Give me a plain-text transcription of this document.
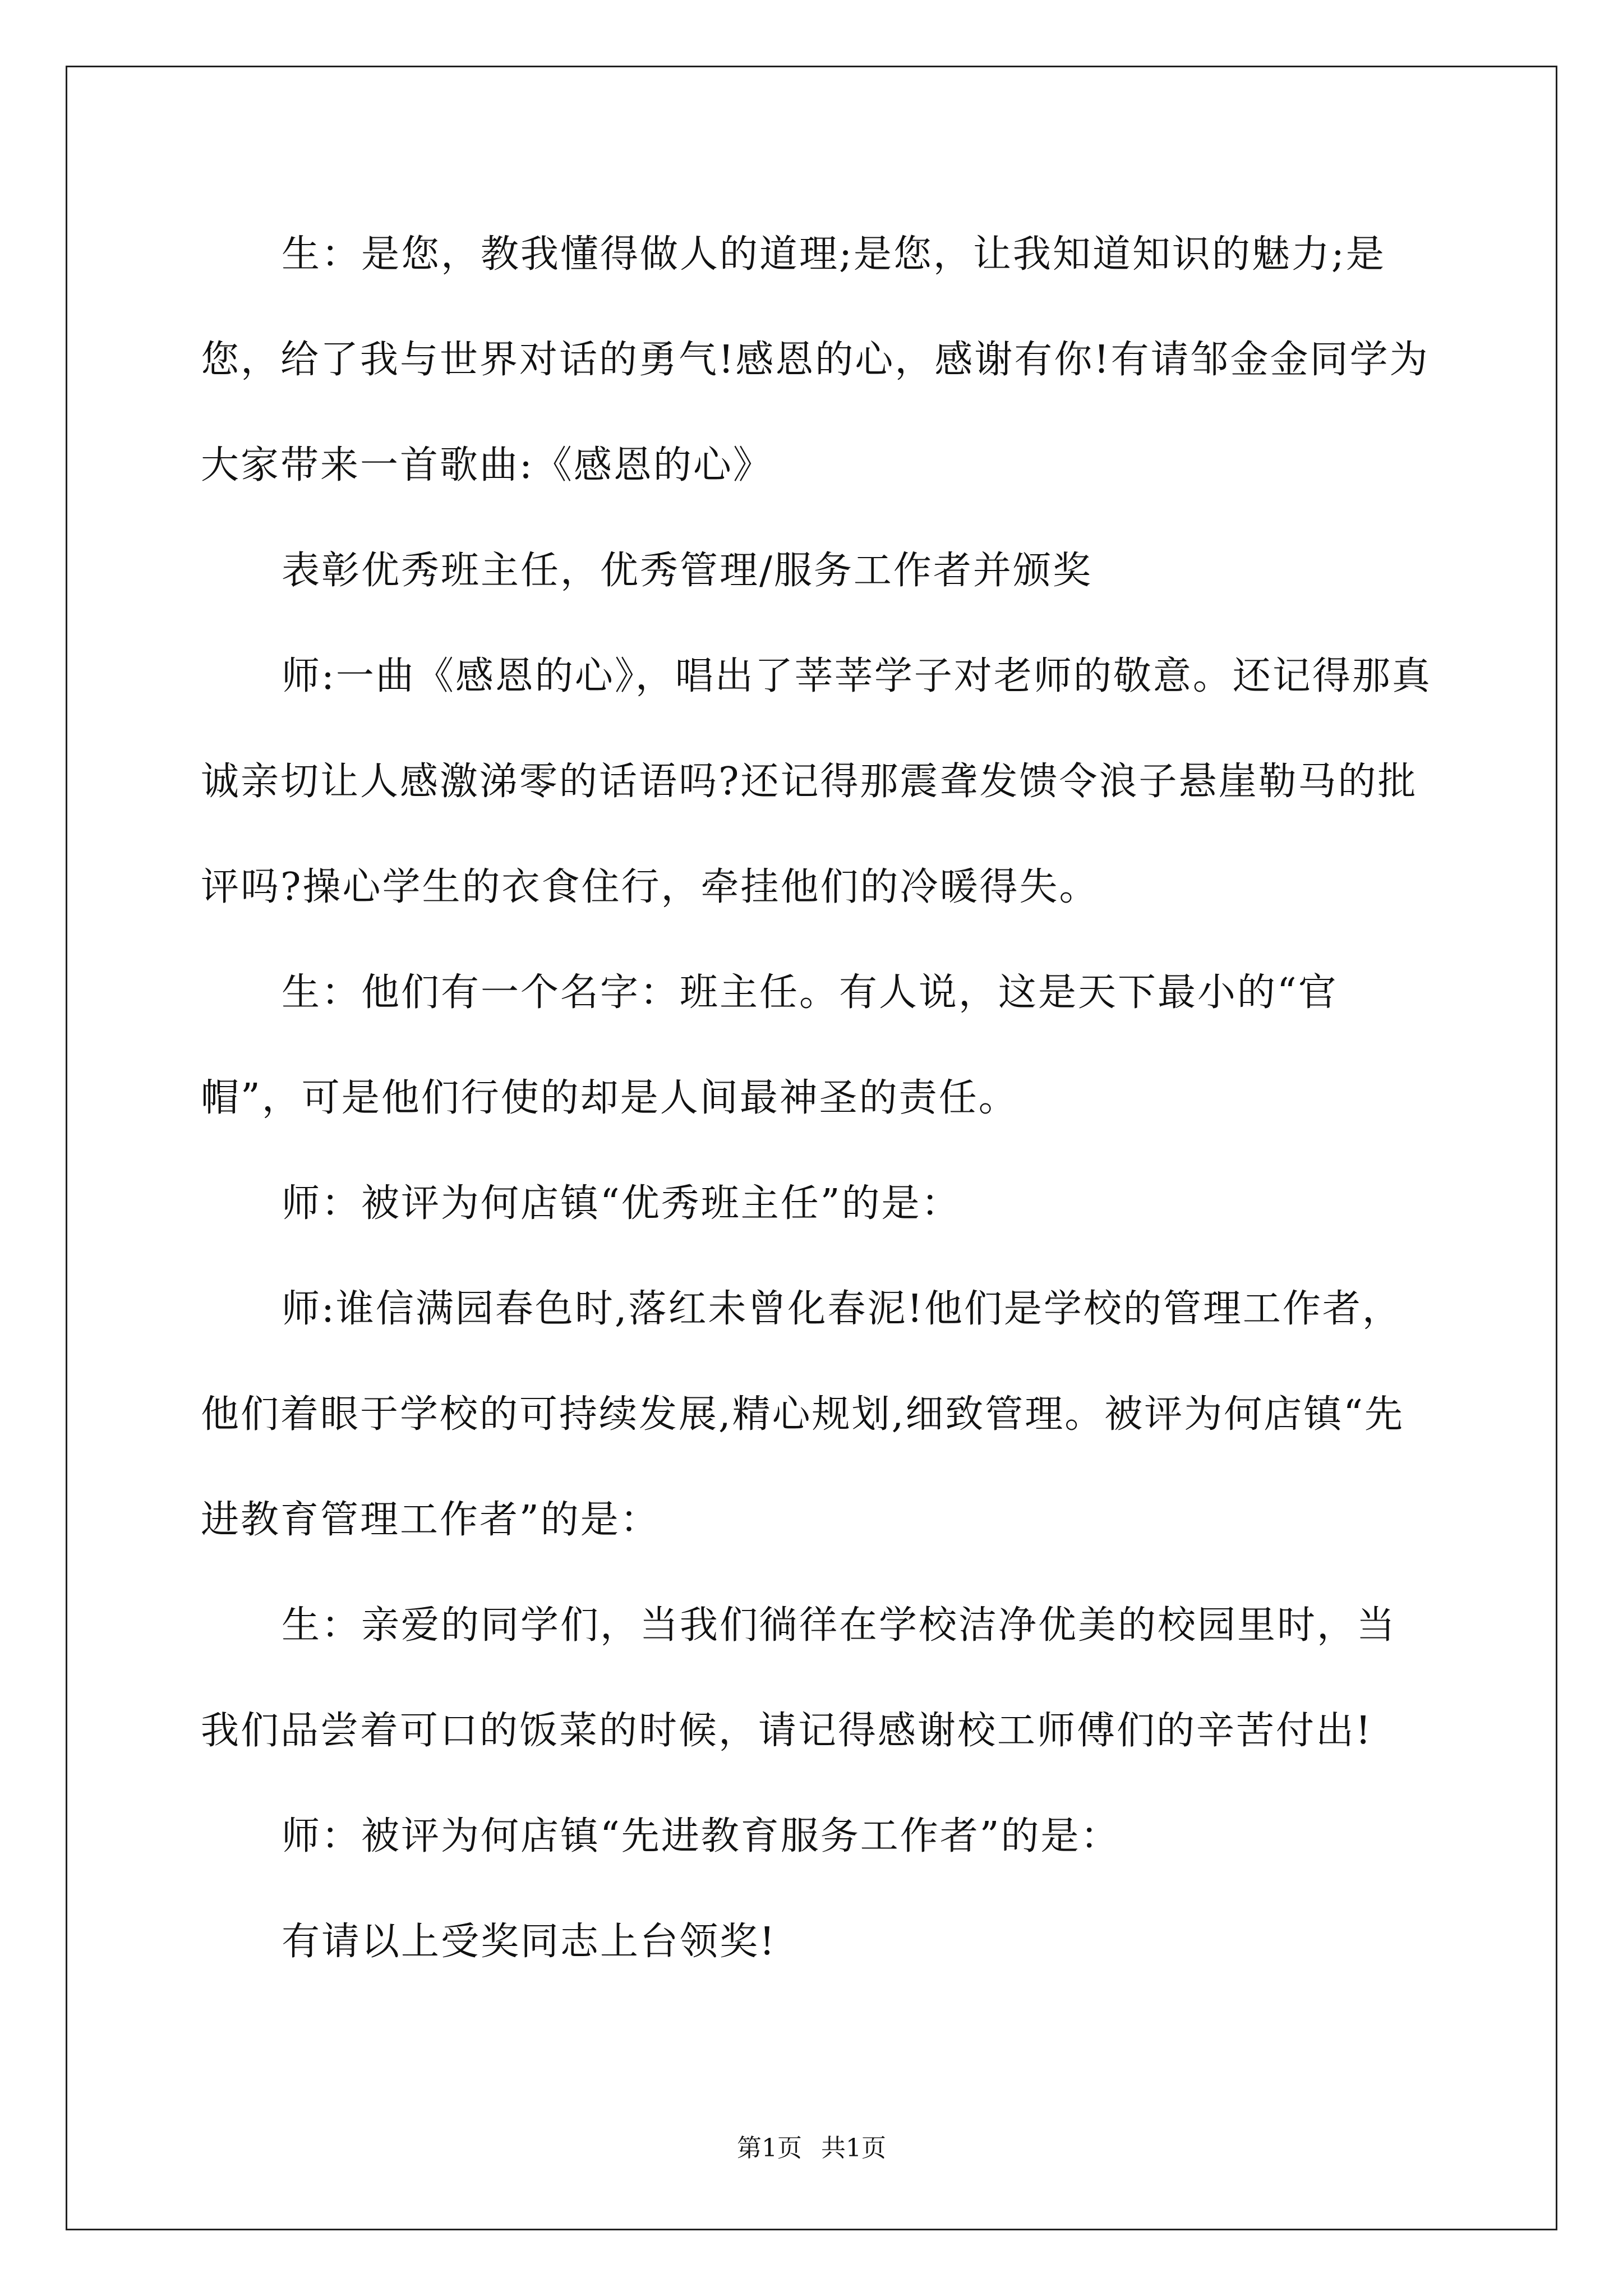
生：是您，教我懂得做人的道理;是您，让我知道知识的魅力;是您，给了我与世界对话的勇气!感恩的心，感谢有你!有请邹金金同学为大家带来一首歌曲:《感恩的心》

表彰优秀班主任，优秀管理/服务工作者并颁奖

师:一曲《感恩的心》，唱出了莘莘学子对老师的敬意。还记得那真诚亲切让人感激涕零的话语吗?还记得那震聋发馈令浪子悬崖勒马的批评吗?操心学生的衣食住行，牵挂他们的冷暖得失。

生：他们有一个名字：班主任。有人说，这是天下最小的“官帽”，可是他们行使的却是人间最神圣的责任。

师：被评为何店镇“优秀班主任”的是：

师:谁信满园春色时,落红未曾化春泥!他们是学校的管理工作者，他们着眼于学校的可持续发展,精心规划,细致管理。被评为何店镇“先进教育管理工作者”的是：

生：亲爱的同学们，当我们徜徉在学校洁净优美的校园里时，当我们品尝着可口的饭菜的时候，请记得感谢校工师傅们的辛苦付出!

师：被评为何店镇“先进教育服务工作者”的是：

有请以上受奖同志上台领奖!

第1页 共1页
